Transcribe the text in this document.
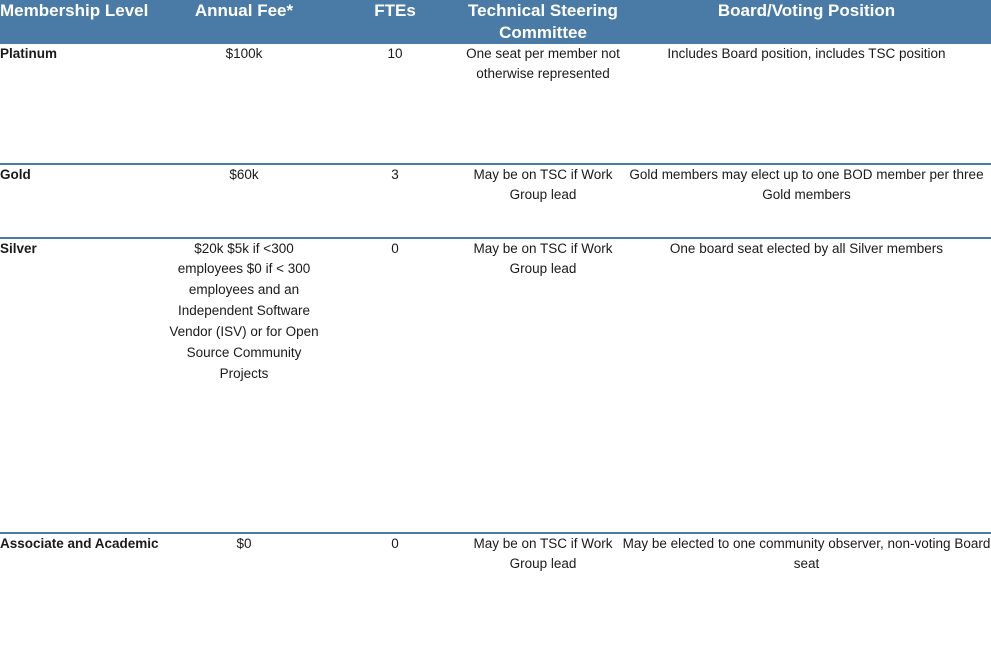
Membership Level	Annual Fee*	FTEs	Technical Steering Committee	Board/Voting Position
Platinum	$100k	10	One seat per member not otherwise represented	Includes Board position, includes TSC position
Gold	$60k	3	May be on TSC if Work Group lead	Gold members may elect up to one BOD member per three Gold members
Silver	$20k $5k if <300 employees $0 if < 300 employees and an Independent Software Vendor (ISV) or for Open Source Community Projects	0	May be on TSC if Work Group lead	One board seat elected by all Silver members
Associate and Academic	$0	0	May be on TSC if Work Group lead	May be elected to one community observer, non-voting Board seat
